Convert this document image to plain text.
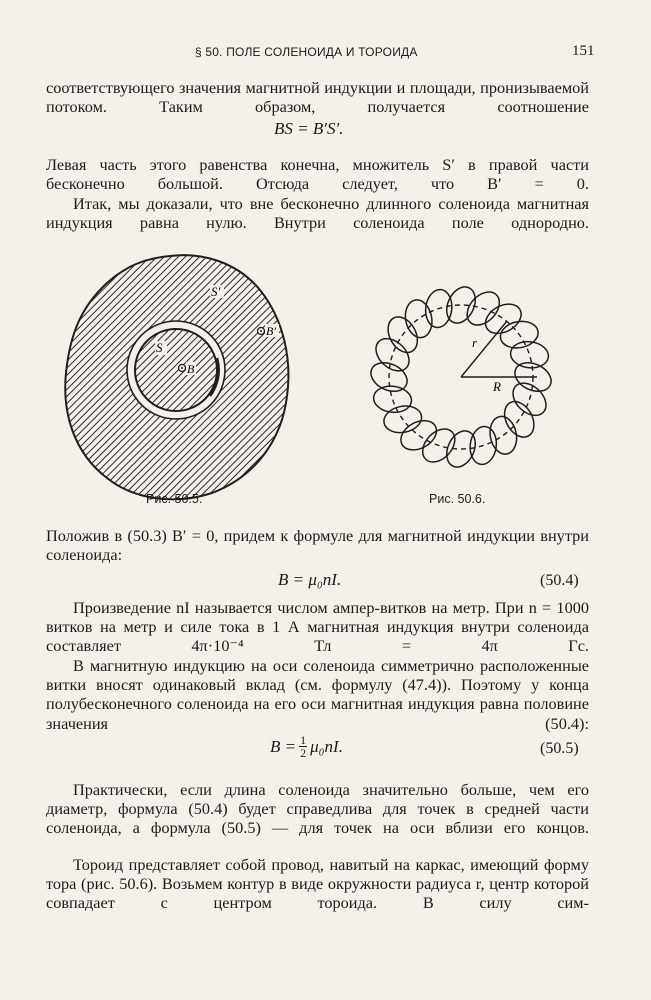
§ 50. ПОЛЕ СОЛЕНОИДА И ТОРОИДА	151

соответствующего значения магнитной индукции и площади, пронизываемой потоком. Таким образом, получается соотношение

BS = B′S′.

Левая часть этого равенства конечна, множитель S′ в правой части бесконечно большой. Отсюда следует, что B′ = 0.

Итак, мы доказали, что вне бесконечно длинного соленоида магнитная индукция равна нулю. Внутри соленоида поле однородно.

S
B
S′
B′
Рис. 50.5.
r
R
Рис. 50.6.

Положив в (50.3) B′ = 0, придем к формуле для магнитной индукции внутри соленоида:

B = μ₀nI.	(50.4)

Произведение nI называется числом ампер-витков на метр. При n = 1000 витков на метр и силе тока в 1 А магнитная индукция внутри соленоида составляет 4π·10⁻⁴ Тл = 4π Гс.

В магнитную индукцию на оси соленоида симметрично расположенные витки вносят одинаковый вклад (см. формулу (47.4)). Поэтому у конца полубесконечного соленоида на его оси магнитная индукция равна половине значения (50.4):

$B = \frac{1}{2} \mu_0nI$.	(50.5)

Практически, если длина соленоида значительно больше, чем его диаметр, формула (50.4) будет справедлива для точек в средней части соленоида, а формула (50.5) — для точек на оси вблизи его концов.

Тороид представляет собой провод, навитый на каркас, имеющий форму тора (рис. 50.6). Возьмем контур в виде окружности радиуса r, центр которой совпадает с центром тороида. В силу сим-
